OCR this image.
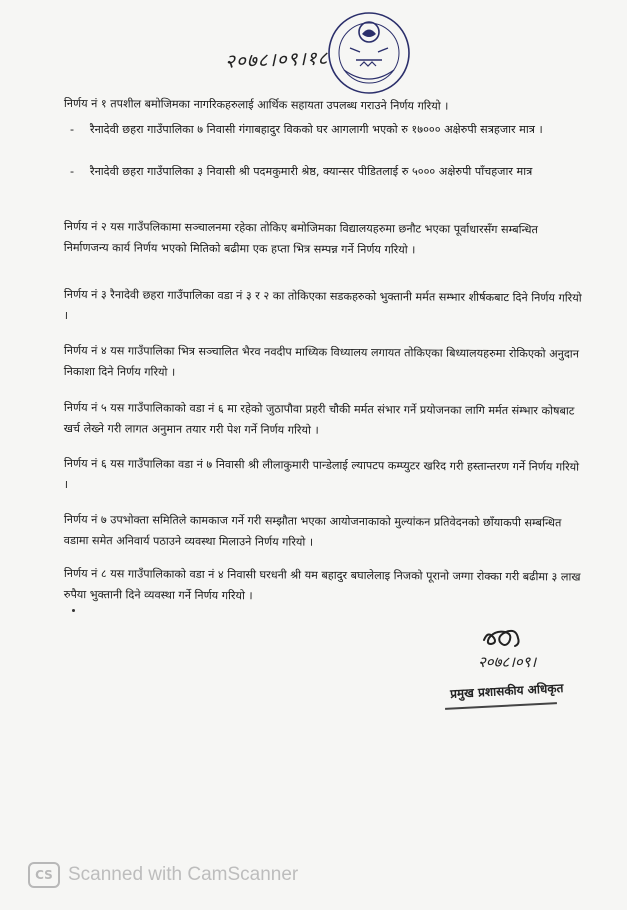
२०७८।०९।१८
निर्णय नं १ तपशील बमोजिमका नागरिकहरुलाई आर्थिक सहायता उपलब्ध गराउने निर्णय गरियो ।
- रैनादेवी छहरा गाउँपालिका ७ निवासी गंगाबहादुर विकको घर आगलागी भएको रु १७००० अक्षेरुपी सत्रहजार मात्र ।
- रैनादेवी छहरा गाउँपालिका ३ निवासी श्री पदमकुमारी श्रेष्ठ, क्यान्सर पीडितलाई रु ५००० अक्षेरुपी पाँचहजार मात्र
निर्णय नं २ यस गाउँपलिकामा सञ्चालनमा रहेका तोकिए बमोजिमका विद्यालयहरुमा छनौट भएका पूर्वाधारसँग सम्बन्धित निर्माणजन्य कार्य निर्णय भएको मितिको बढीमा एक हप्ता भित्र सम्पन्न गर्ने निर्णय गरियो ।
निर्णय नं ३ रैनादेवी छहरा गाउँपालिका वडा नं ३ र २ का तोकिएका सडकहरुको भुक्तानी मर्मत सम्भार शीर्षकबाट दिने निर्णय गरियो ।
निर्णय नं ४ यस गाउँपालिका भित्र सञ्चालित भैरव नवदीप माध्यिक विध्यालय लगायत तोकिएका बिध्यालयहरुमा रोकिएको अनुदान निकाशा दिने निर्णय गरियो ।
निर्णय नं ५ यस गाउँपालिकाको वडा नं ६ मा रहेको जुठापौवा प्रहरी चौकी मर्मत संभार गर्ने प्रयोजनका लागि मर्मत संम्भार कोषबाट खर्च लेख्ने गरी लागत अनुमान तयार गरी पेश गर्ने निर्णय गरियो ।
निर्णय नं ६ यस गाउँपालिका वडा नं ७ निवासी श्री लीलाकुमारी पान्डेलाई ल्यापटप कम्प्युटर खरिद गरी हस्तान्तरण गर्ने निर्णय गरियो ।
निर्णय नं ७ उपभोक्ता समितिले कामकाज गर्ने गरी सम्झौता भएका आयोजनाकाको मुल्यांकन प्रतिवेदनको छाँयाकपी सम्बन्धित वडामा समेत अनिवार्य पठाउने व्यवस्था मिलाउने निर्णय गरियो ।
निर्णय नं ८ यस गाउँपालिकाको वडा नं ४ निवासी घरधनी श्री यम बहादुर बघालेलाइ निजको पूरानो जग्गा रोक्का गरी बढीमा ३ लाख रुपैया भुक्तानी दिने व्यवस्था गर्ने निर्णय गरियो ।
२०७८।०९।
प्रमुख प्रशासकीय अधिकृत
CS Scanned with CamScanner
